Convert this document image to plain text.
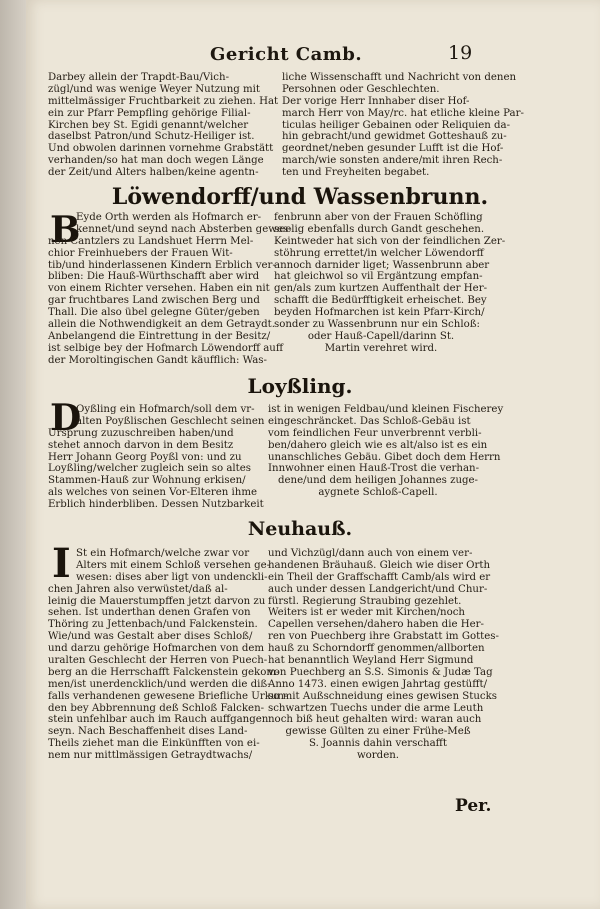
Gericht Camb.	19
Darbey allein der Trapdt-Bau/Vich-
zügl/und was wenige Weyer Nutzung mit
mittelmässiger Fruchtbarkeit zu ziehen. Hat
ein zur Pfarr Pempfling gehörige Filial-
Kirchen bey St. Egidi genannt/welcher
daselbst Patron/und Schutz-Heiliger ist.
Und obwolen darinnen vornehme Grabstätt
verhanden/so hat man doch wegen Länge
der Zeit/und Alters halben/keine agentn-
liche Wissenschafft und Nachricht von denen
Persohnen oder Geschlechten.
Der vorige Herr Innhaber diser Hof-
march Herr von May/rc. hat etliche kleine Par-
ticulas heiliger Gebainen oder Reliquien da-
hin gebracht/und gewidmet Gotteshauß zu-
geordnet/neben gesunder Lufft ist die Hof-
march/wie sonsten andere/mit ihren Rech-
ten und Freyheiten begabet.
Löwendorff/und Wassenbrunn.
B
Eyde Orth werden als Hofmarch er-
kennet/und seynd nach Absterben gewes-
nen Cantzlers zu Landshuet Herrn Mel-
chior Freinhuebers der Frauen Wit-
tib/und hinderlassenen Kindern Erblich ver-
bliben: Die Hauß-Würthschafft aber wird
von einem Richter versehen. Haben ein nit
gar fruchtbares Land zwischen Berg und
Thall. Die also übel gelegne Güter/geben
allein die Nothwendigkeit an dem Getraydt.
Anbelangend die Eintrettung in der Besitz/
ist selbige bey der Hofmarch Löwendorff auff
der Moroltingischen Gandt käufflich: Was-
fenbrunn aber von der Frauen Schöfling
seelig ebenfalls durch Gandt geschehen.
Keintweder hat sich von der feindlichen Zer-
stöhrung errettet/in welcher Löwendorff
annoch darnider liget; Wassenbrunn aber
hat gleichwol so vil Ergäntzung empfan-
gen/als zum kurtzen Auffenthalt der Her-
schafft die Bedürfftigkeit erheischet. Bey
beyden Hofmarchen ist kein Pfarr-Kirch/
sonder zu Wassenbrunn nur ein Schloß:
oder Hauß-Capell/darinn St.
Martin verehret wird.
Loyßling.
D
Oyßling ein Hofmarch/soll dem vr-
alten Poyßlischen Geschlecht seinen
Ursprung zuzuschreiben haben/und
stehet annoch darvon in dem Besitz
Herr Johann Georg Poyßl von: und zu
Loyßling/welcher zugleich sein so altes
Stammen-Hauß zur Wohnung erkisen/
als welches von seinen Vor-Elteren ihme
Erblich hinderbliben. Dessen Nutzbarkeit
ist in wenigen Feldbau/und kleinen Fischerey
eingeschräncket. Das Schloß-Gebäu ist
vom feindlichen Feur unverbrennt verbli-
ben/dahero gleich wie es alt/also ist es ein
unanschliches Gebäu. Gibet doch dem Herrn
Innwohner einen Hauß-Trost die verhan-
dene/und dem heiligen Johannes zuge-
aygnete Schloß-Capell.
Neuhauß.
I St ein Hofmarch/welche zwar vor
Alters mit einem Schloß versehen ge-
wesen: dises aber ligt von undenckli-
chen Jahren also verwüstet/daß al-
leinig die Mauerstumpffen jetzt darvon zu
sehen. Ist underthan denen Grafen von
Thöring zu Jettenbach/und Falckenstein.
Wie/und was Gestalt aber dises Schloß/
und darzu gehörige Hofmarchen von dem
uralten Geschlecht der Herren von Puech-
berg an die Herrschafft Falckenstein gekom-
men/ist unerdencklich/und werden die diß-
falls verhandenen gewesene Briefliche Urkun-
den bey Abbrennung deß Schloß Falcken-
stein unfehlbar auch im Rauch auffgangen
seyn. Nach Beschaffenheit dises Land-
Theils ziehet man die Einkünfften von ei-
nem nur mittlmässigen Getraydtwachs/
und Vichzügl/dann auch von einem ver-
handenen Bräuhauß. Gleich wie diser Orth
ein Theil der Graffschafft Camb/als wird er
auch under dessen Landgericht/und Chur-
fürstl. Regierung Straubing gezehlet.
Weiters ist er weder mit Kirchen/noch
Capellen versehen/dahero haben die Her-
ren von Puechberg ihre Grabstatt im Gottes-
hauß zu Schorndorff genommen/allborten
hat benanntlich Weyland Herr Sigmund
von Puechberg an S.S. Simonis & Judæ Tag
Anno 1473. einen ewigen Jahrtag gestüfft/
so mit Außschneidung eines gewisen Stucks
schwartzen Tuechs under die arme Leuth
noch biß heut gehalten wird: waran auch
gewisse Gülten zu einer Frühe-Meß
S. Joannis dahin verschafft
worden.
Per.
